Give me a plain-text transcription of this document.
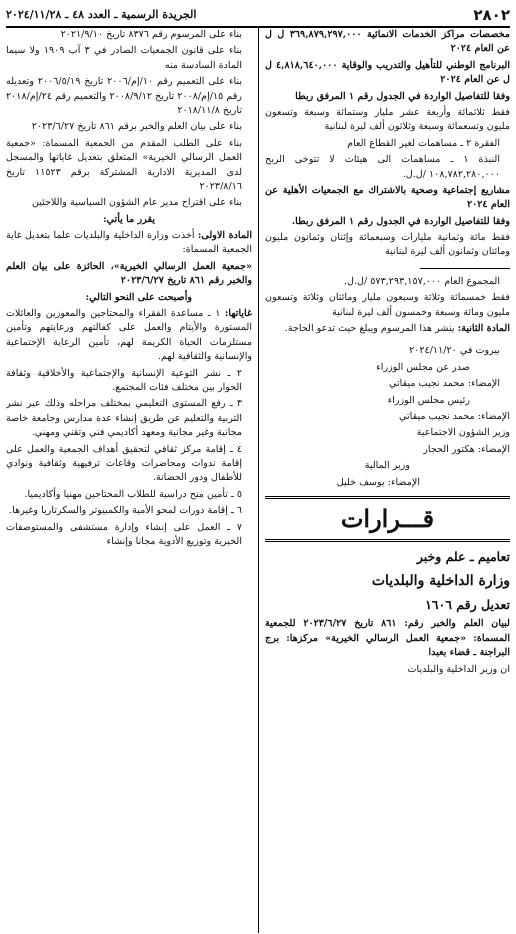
٢٨٠٢
الجريدة الرسمية ـ العدد ٤٨ ـ ٢٠٢٤/١١/٢٨

مخصصات مراكز الخدمات الانمائية ٣٦٩,٨٧٩,٢٩٧,٠٠٠ ل ل عن العام ٢٠٢٤

البرنامج الوطني للتأهيل والتدريب والوقاية ٤,٨١٨,٦٤٠,٠٠٠ ل ل عن العام ٢٠٢٤

وفقا للتفاصيل الواردة في الجدول رقم ١ المرفق ربطا

فقط ثلاثمائة وأربعة عشر مليار وستمائة وسبعة وتسعون مليون وتسعمائة وسبعة وثلاثون ألف ليرة لبنانية

الفقرة ٢ ـ مساهمات لغير القطاع العام

النبذة ١ ـ مساهمات الى هيئات لا تتوخى الربح ١٠٨,٧٨٢,٢٨٠,٠٠٠ /ل.ل.

مشاريع إجتماعية وصحية بالاشتراك مع الجمعيات الأهلية عن العام ٢٠٢٤

وفقا للتفاصيل الواردة في الجدول رقم ١ المرفق ربطا.

فقط مائة وثمانية مليارات وسبعمائة وإثنان وثمانون مليون ومائتان وثمانون ألف ليرة لبنانية

المجموع العام ٥٧٣,٢٩٣,١٥٧,٠٠٠ /ل.ل.

فقط خمسمائة وثلاثة وسبعون مليار ومائتان وثلاثة وتسعون مليون ومائة وسبعة وخمسون ألف ليرة لبنانية

المادة الثانية: ينشر هذا المرسوم ويبلغ حيث تدعو الحاجة.

بيروت في ٢٠٢٤/١١/٢٠

صدر عن مجلس الوزراء

الإمضاء: محمد نجيب ميقاتي

رئيس مجلس الوزراء

الإمضاء: محمد نجيب ميقاتي

وزير الشؤون الاجتماعية

الإمضاء: هكتور الحجار

وزير المالية

الإمضاء: يوسف خليل

قـــرارات
تعاميم ـ علم وخبر
وزارة الداخلية والبلديات
تعديل رقم ١٦٠٦

لبيان العلم والخبر رقم: ٨٦١ تاريخ ٢٠٢٣/٦/٢٧ للجمعية المسماة: «جمعية العمل الرسالي الخيرية» مركزها: برج البراجنة ـ قضاء بعبدا

ان وزير الداخلية والبلديات

بناء على المرسوم رقم ٨٣٧٦ تاريخ ٢٠٢١/٩/١٠

بناء على قانون الجمعيات الصادر في ٣ آب ١٩٠٩ ولا سيما المادة السادسة منه

بناء على التعميم رقم ١٠/إم/٢٠٠٦ تاريخ ٢٠٠٦/٥/١٩ وتعديله رقم ١٥/إم/٢٠٠٨ تاريخ ٢٠٠٨/٩/١٢ والتعميم رقم ٢٤/إم/٢٠١٨ تاريخ ٢٠١٨/١١/٨

بناء على بيان العلم والخبر برقم ٨٦١ تاريخ ٢٠٢٣/٦/٢٧

بناء على الطلب المقدم من الجمعية المسماة: «جمعية العمل الرسالي الخيرية» المتعلق بتعديل غاياتها والمسجل لدى المديرية الادارية المشتركة برقم ١١٥٢٣ تاريخ ٢٠٢٣/٨/١٦

بناء على اقتراح مدير عام الشؤون السياسية واللاجئين

يقرر ما يأتي:

المادة الاولى: أخذت وزارة الداخلية والبلديات علما بتعديل غاية الجمعية المسماة:

«جمعية العمل الرسالي الخيرية»، الحائزة على بيان العلم والخبر رقم ٨٦١ تاريخ ٢٠٢٣/٦/٢٧

وأصبحت على النحو التالي:

غاياتها: ١ ـ مساعدة الفقراء والمحتاجين والمعوزين والعائلات المستورة والأيتام والعمل على كفالتهم ورعايتهم وتأمين مستلزمات الحياة الكريمة لهم، تأمين الرعاية الإجتماعية والإنسانية والثقافية لهم.

٢ ـ نشر التوعية الإنسانية والإجتماعية والأخلاقية وثقافة الحوار بين مختلف فئات المجتمع.

٣ ـ رفع المستوى التعليمي بمختلف مراحله وذلك عبر نشر التربية والتعليم عن طريق إنشاء عدة مدارس وجامعة خاصة مجانية وغير مجانية ومعهد أكاديمي فني وتقني ومهني.

٤ ـ إقامة مركز ثقافي لتحقيق أهداف الجمعية والعمل على إقامة ندوات ومحاضرات وقاعات ترفيهية وثقافية ونوادي للأطفال ودور الحضانة.

٥ ـ تأمين منح دراسية للطلاب المحتاجين مهنيا وأكاديميا.

٦ ـ إقامة دورات لمحو الأمية والكمبيوتر والسكرتاريا وغيرها.

٧ ـ العمل على إنشاء وإدارة مستشفى والمستوصفات الخيرية وتوزيع الأدوية مجانا وإنشاء
